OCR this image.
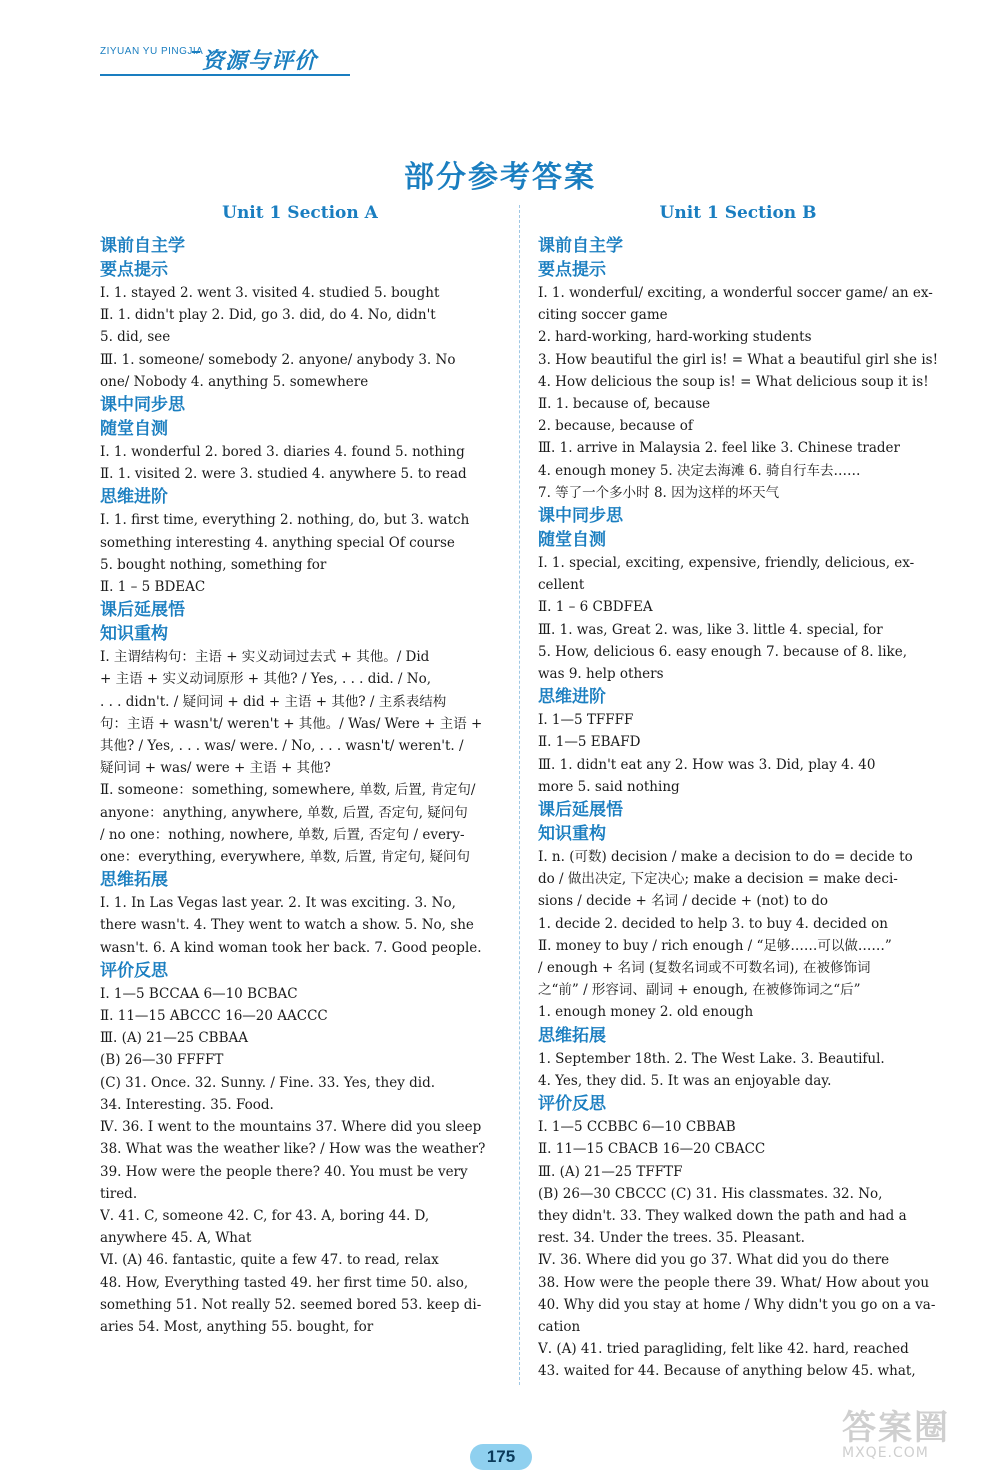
ZIYUAN YU PINGJIA
资源与评价
部分参考答案
Unit 1 Section A
课前自主学
要点提示
Ⅰ. 1. stayed 2. went 3. visited 4. studied 5. bought
Ⅱ. 1. didn't play 2. Did, go 3. did, do 4. No, didn't
5. did, see
Ⅲ. 1. someone/ somebody 2. anyone/ anybody 3. No
one/ Nobody 4. anything 5. somewhere
课中同步思
随堂自测
Ⅰ. 1. wonderful 2. bored 3. diaries 4. found 5. nothing
Ⅱ. 1. visited 2. were 3. studied 4. anywhere 5. to read
思维进阶
Ⅰ. 1. first time, everything 2. nothing, do, but 3. watch
something interesting 4. anything special Of course
5. bought nothing, something for
Ⅱ. 1 – 5 BDEAC
课后延展悟
知识重构
Ⅰ. 主谓结构句：主语 + 实义动词过去式 + 其他。/ Did
+ 主语 + 实义动词原形 + 其他? / Yes, . . . did. / No,
. . . didn't. / 疑问词 + did + 主语 + 其他? / 主系表结构
句：主语 + wasn't/ weren't + 其他。/ Was/ Were + 主语 +
其他? / Yes, . . . was/ were. / No, . . . wasn't/ weren't. /
疑问词 + was/ were + 主语 + 其他?
Ⅱ. someone：something, somewhere, 单数, 后置, 肯定句/
anyone：anything, anywhere, 单数, 后置, 否定句, 疑问句
/ no one：nothing, nowhere, 单数, 后置, 否定句 / every-
one：everything, everywhere, 单数, 后置, 肯定句, 疑问句
思维拓展
Ⅰ. 1. In Las Vegas last year. 2. It was exciting. 3. No,
there wasn't. 4. They went to watch a show. 5. No, she
wasn't. 6. A kind woman took her back. 7. Good people.
评价反思
Ⅰ. 1—5 BCCAA 6—10 BCBAC
Ⅱ. 11—15 ABCCC 16—20 AACCC
Ⅲ. (A) 21—25 CBBAA
(B) 26—30 FFFFT
(C) 31. Once. 32. Sunny. / Fine. 33. Yes, they did.
34. Interesting. 35. Food.
Ⅳ. 36. I went to the mountains 37. Where did you sleep
38. What was the weather like? / How was the weather?
39. How were the people there? 40. You must be very
tired.
Ⅴ. 41. C, someone 42. C, for 43. A, boring 44. D,
anywhere 45. A, What
Ⅵ. (A) 46. fantastic, quite a few 47. to read, relax
48. How, Everything tasted 49. her first time 50. also,
something 51. Not really 52. seemed bored 53. keep di-
aries 54. Most, anything 55. bought, for
Unit 1 Section B
课前自主学
要点提示
Ⅰ. 1. wonderful/ exciting, a wonderful soccer game/ an ex-
citing soccer game
2. hard-working, hard-working students
3. How beautiful the girl is! = What a beautiful girl she is!
4. How delicious the soup is! = What delicious soup it is!
Ⅱ. 1. because of, because
2. because, because of
Ⅲ. 1. arrive in Malaysia 2. feel like 3. Chinese trader
4. enough money 5. 决定去海滩 6. 骑自行车去……
7. 等了一个多小时 8. 因为这样的坏天气
课中同步思
随堂自测
Ⅰ. 1. special, exciting, expensive, friendly, delicious, ex-
cellent
Ⅱ. 1 – 6 CBDFEA
Ⅲ. 1. was, Great 2. was, like 3. little 4. special, for
5. How, delicious 6. easy enough 7. because of 8. like,
was 9. help others
思维进阶
Ⅰ. 1—5 TFFFF
Ⅱ. 1—5 EBAFD
Ⅲ. 1. didn't eat any 2. How was 3. Did, play 4. 40
more 5. said nothing
课后延展悟
知识重构
Ⅰ. n. (可数) decision / make a decision to do = decide to
do / 做出决定, 下定决心; make a decision = make deci-
sions / decide + 名词 / decide + (not) to do
1. decide 2. decided to help 3. to buy 4. decided on
Ⅱ. money to buy / rich enough / “足够……可以做……”
/ enough + 名词 (复数名词或不可数名词), 在被修饰词
之“前” / 形容词、副词 + enough, 在被修饰词之“后”
1. enough money 2. old enough
思维拓展
1. September 18th. 2. The West Lake. 3. Beautiful.
4. Yes, they did. 5. It was an enjoyable day.
评价反思
Ⅰ. 1—5 CCBBC 6—10 CBBAB
Ⅱ. 11—15 CBACB 16—20 CBACC
Ⅲ. (A) 21—25 TFFTF
(B) 26—30 CBCCC (C) 31. His classmates. 32. No,
they didn't. 33. They walked down the path and had a
rest. 34. Under the trees. 35. Pleasant.
Ⅳ. 36. Where did you go 37. What did you do there
38. How were the people there 39. What/ How about you
40. Why did you stay at home / Why didn't you go on a va-
cation
Ⅴ. (A) 41. tried paragliding, felt like 42. hard, reached
43. waited for 44. Because of anything below 45. what,
175
答案圈
MXQE.COM
